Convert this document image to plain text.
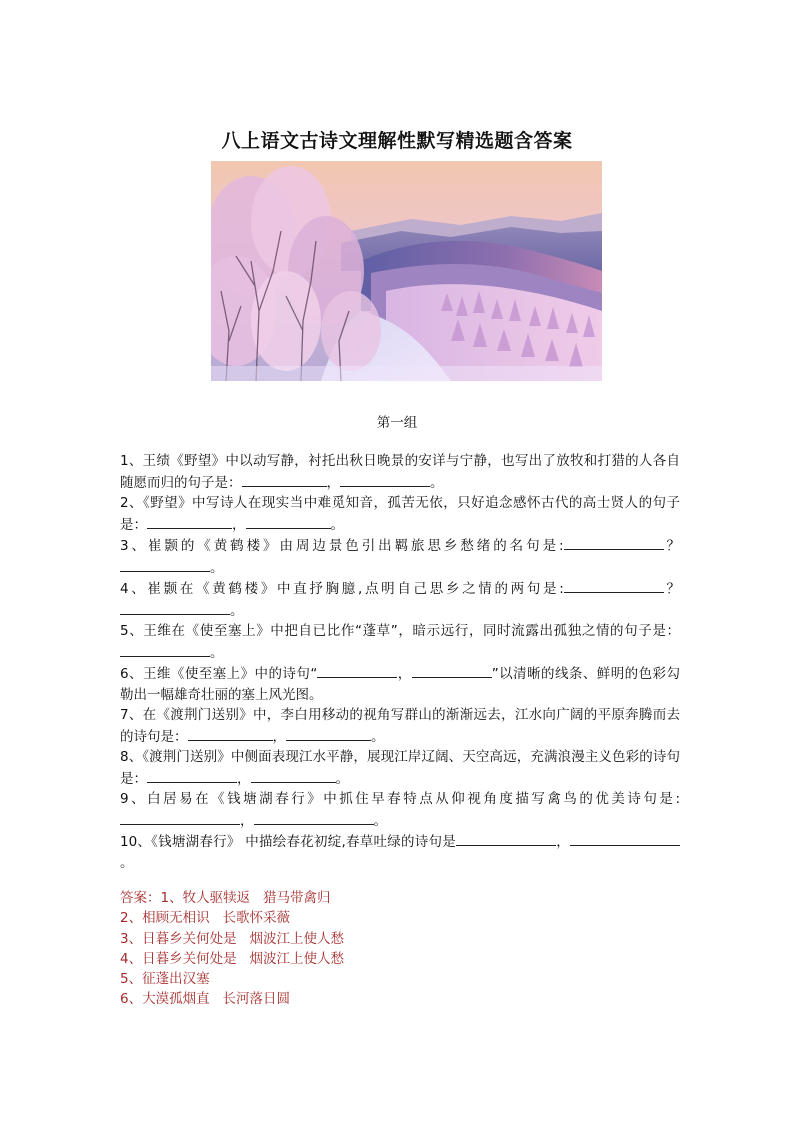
八上语文古诗文理解性默写精选题含答案
第一组

1、王绩《野望》中以动写静，衬托出秋日晚景的安详与宁静，也写出了放牧和打猎的人各自随愿而归的句子是：	，	。

2、《野望》中写诗人在现实当中难觅知音，孤苦无依，只好追念感怀古代的高士贤人的句子是：	，	。

3、崔颢的《黄鹤楼》由周边景色引出羁旅思乡愁绪的名句是:	？。

4、崔颢在《黄鹤楼》中直抒胸臆,点明自己思乡之情的两句是:	？。

5、王维在《使至塞上》中把自已比作“蓬草”，暗示远行，同时流露出孤独之情的句子是：。

6、王维《使至塞上》中的诗句“	，	”以清晰的线条、鲜明的色彩勾勒出一幅雄奇壮丽的塞上风光图。

7、在《渡荆门送别》中，李白用移动的视角写群山的渐渐远去，江水向广阔的平原奔腾而去的诗句是：	，	。

8、《渡荆门送别》中侧面表现江水平静，展现江岸辽阔、天空高远，充满浪漫主义色彩的诗句是：	，	。

9、白居易在《钱塘湖春行》中抓住早春特点从仰视角度描写禽鸟的优美诗句是:，	。

10、《钱塘湖春行》 中描绘春花初绽,春草吐绿的诗句是	，。

答案：1、牧人驱犊返   猎马带禽归
2、相顾无相识   长歌怀采薇
3、日暮乡关何处是   烟波江上使人愁
4、日暮乡关何处是   烟波江上使人愁
5、征蓬出汉塞
6、大漠孤烟直   长河落日圆
